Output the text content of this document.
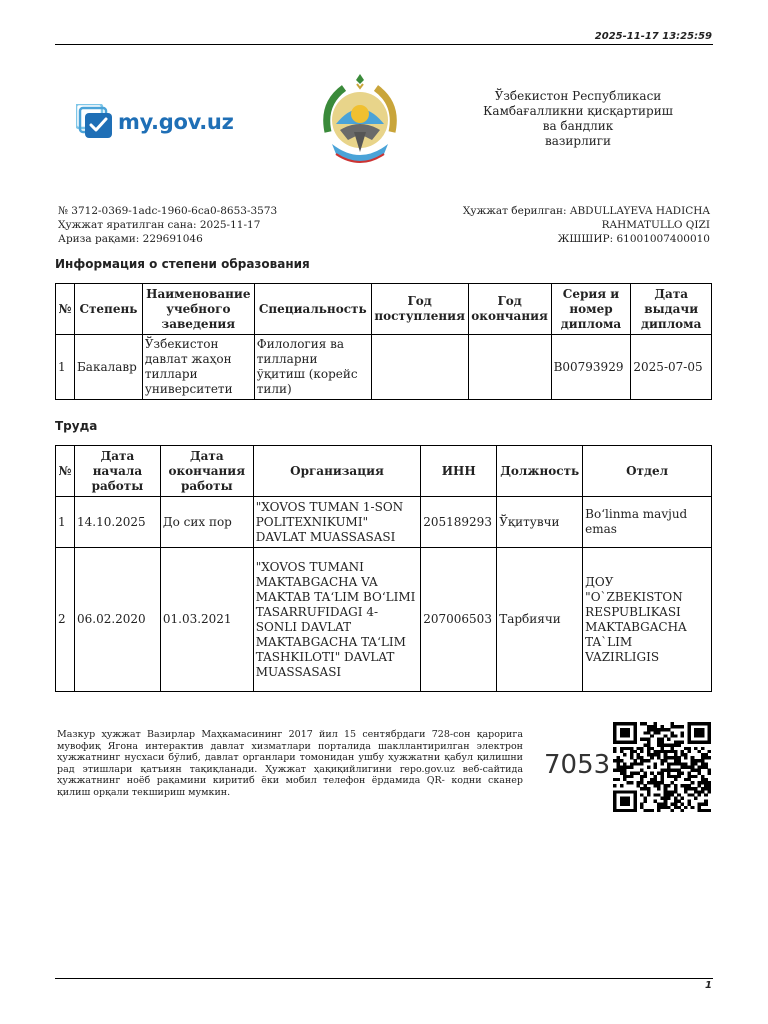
2025-11-17 13:25:59
my.gov.uz
Ўзбекистон Республикаси
Камбағалликни қисқартириш
ва бандлик
вазирлиги
№ 3712-0369-1adc-1960-6ca0-8653-3573
Ҳужжат яратилган сана: 2025-11-17
Ариза рақами: 229691046
Ҳужжат берилган: ABDULLAYEVA HADICHA
RAHMATULLO QIZI
ЖШШИР: 61001007400010
Информация о степени образования
№	Степень	Наименование учебного заведения	Специальность	Год поступления	Год окончания	Серия и номер диплома	Дата выдачи диплома
1	Бакалавр	Ўзбекистон давлат жаҳон тиллари университети	Филология ва тилларни ўқитиш (корейс тили)			B00793929	2025-07-05
Труда
№	Дата начала работы	Дата окончания работы	Организация	ИНН	Должность	Отдел
1	14.10.2025	До сих пор	"XOVOS TUMAN 1-SON POLITEXNIKUMI" DAVLAT MUASSASASI	205189293	Ўқитувчи	Bo‘linma mavjud emas
2	06.02.2020	01.03.2021	"XOVOS TUMANI MAKTABGACHA VA MAKTAB TA‘LIM BO‘LIMI TASARRUFIDAGI 4-SONLI DAVLAT MAKTABGACHA TA‘LIM TASHKILOTI" DAVLAT MUASSASASI	207006503	Тарбиячи	ДОУ "O`ZBEKISTON RESPUBLIKASI MAKTABGACHA TA`LIM VAZIRLIGIS
Мазкур ҳужжат Вазирлар Маҳкамасининг 2017 йил 15 сентябрдаги 728-сон қарорига мувофиқ Ягона интерактив давлат хизматлари порталида шакллантирилган электрон ҳужжатнинг нусхаси бўлиб, давлат органлари томонидан ушбу ҳужжатни қабул қилишни рад этишлари қатъиян тақиқланади. Ҳужжат ҳақиқийлигини repo.gov.uz веб-сайтида ҳужжатнинг ноёб рақамини киритиб ёки мобил телефон ёрдамида QR- кодни сканер қилиш орқали текшириш мумкин.
7053
1
